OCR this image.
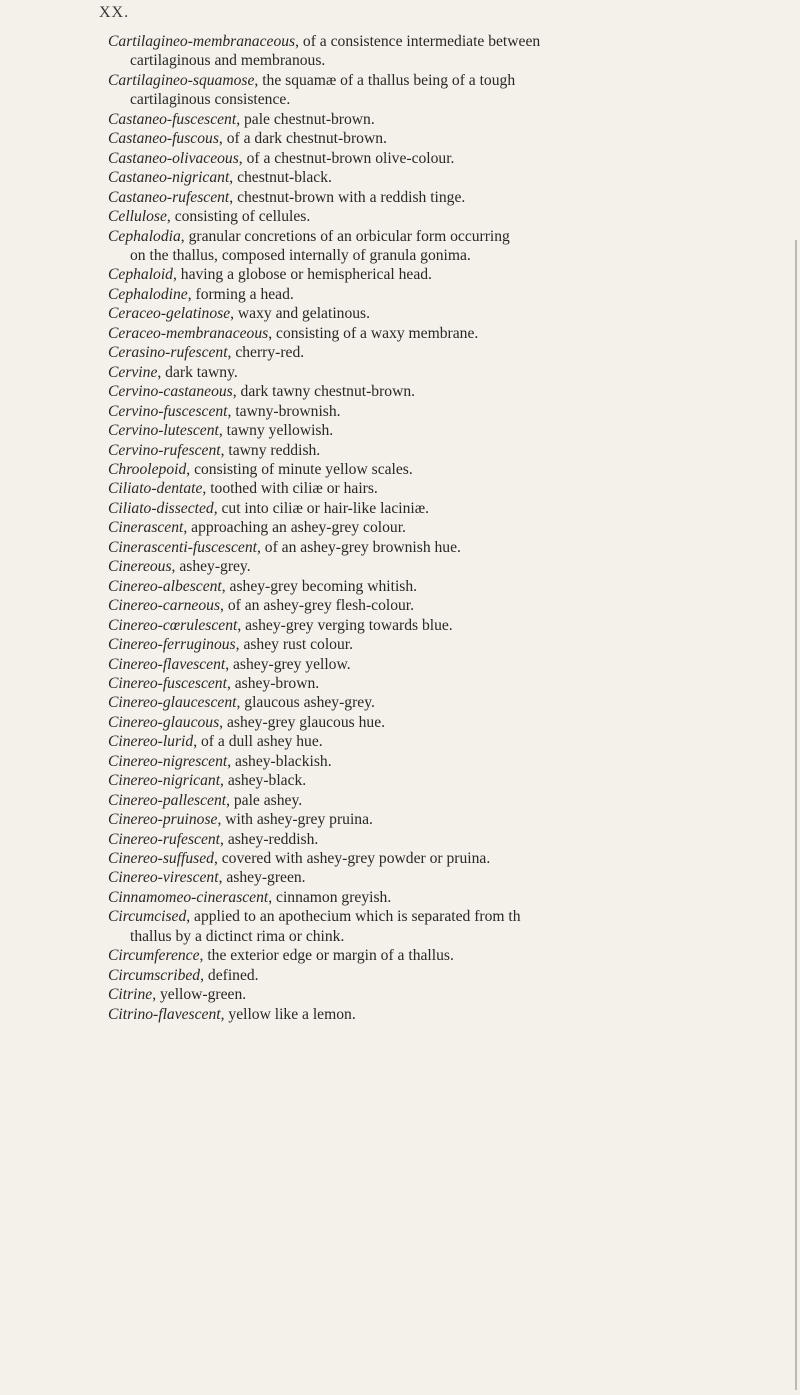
XX.
Cartilagineo-membranaceous, of a consistence intermediate between
cartilaginous and membranous.
Cartilagineo-squamose, the squamæ of a thallus being of a tough
cartilaginous consistence.
Castaneo-fuscescent, pale chestnut-brown.
Castaneo-fuscous, of a dark chestnut-brown.
Castaneo-olivaceous, of a chestnut-brown olive-colour.
Castaneo-nigricant, chestnut-black.
Castaneo-rufescent, chestnut-brown with a reddish tinge.
Cellulose, consisting of cellules.
Cephalodia, granular concretions of an orbicular form occurring
on the thallus, composed internally of granula gonima.
Cephaloid, having a globose or hemispherical head.
Cephalodine, forming a head.
Ceraceo-gelatinose, waxy and gelatinous.
Ceraceo-membranaceous, consisting of a waxy membrane.
Cerasino-rufescent, cherry-red.
Cervine, dark tawny.
Cervino-castaneous, dark tawny chestnut-brown.
Cervino-fuscescent, tawny-brownish.
Cervino-lutescent, tawny yellowish.
Cervino-rufescent, tawny reddish.
Chroolepoid, consisting of minute yellow scales.
Ciliato-dentate, toothed with ciliæ or hairs.
Ciliato-dissected, cut into ciliæ or hair-like laciniæ.
Cinerascent, approaching an ashey-grey colour.
Cinerascenti-fuscescent, of an ashey-grey brownish hue.
Cinereous, ashey-grey.
Cinereo-albescent, ashey-grey becoming whitish.
Cinereo-carneous, of an ashey-grey flesh-colour.
Cinereo-cœrulescent, ashey-grey verging towards blue.
Cinereo-ferruginous, ashey rust colour.
Cinereo-flavescent, ashey-grey yellow.
Cinereo-fuscescent, ashey-brown.
Cinereo-glaucescent, glaucous ashey-grey.
Cinereo-glaucous, ashey-grey glaucous hue.
Cinereo-lurid, of a dull ashey hue.
Cinereo-nigrescent, ashey-blackish.
Cinereo-nigricant, ashey-black.
Cinereo-pallescent, pale ashey.
Cinereo-pruinose, with ashey-grey pruina.
Cinereo-rufescent, ashey-reddish.
Cinereo-suffused, covered with ashey-grey powder or pruina.
Cinereo-virescent, ashey-green.
Cinnamomeo-cinerascent, cinnamon greyish.
Circumcised, applied to an apothecium which is separated from th
thallus by a dictinct rima or chink.
Circumference, the exterior edge or margin of a thallus.
Circumscribed, defined.
Citrine, yellow-green.
Citrino-flavescent, yellow like a lemon.
